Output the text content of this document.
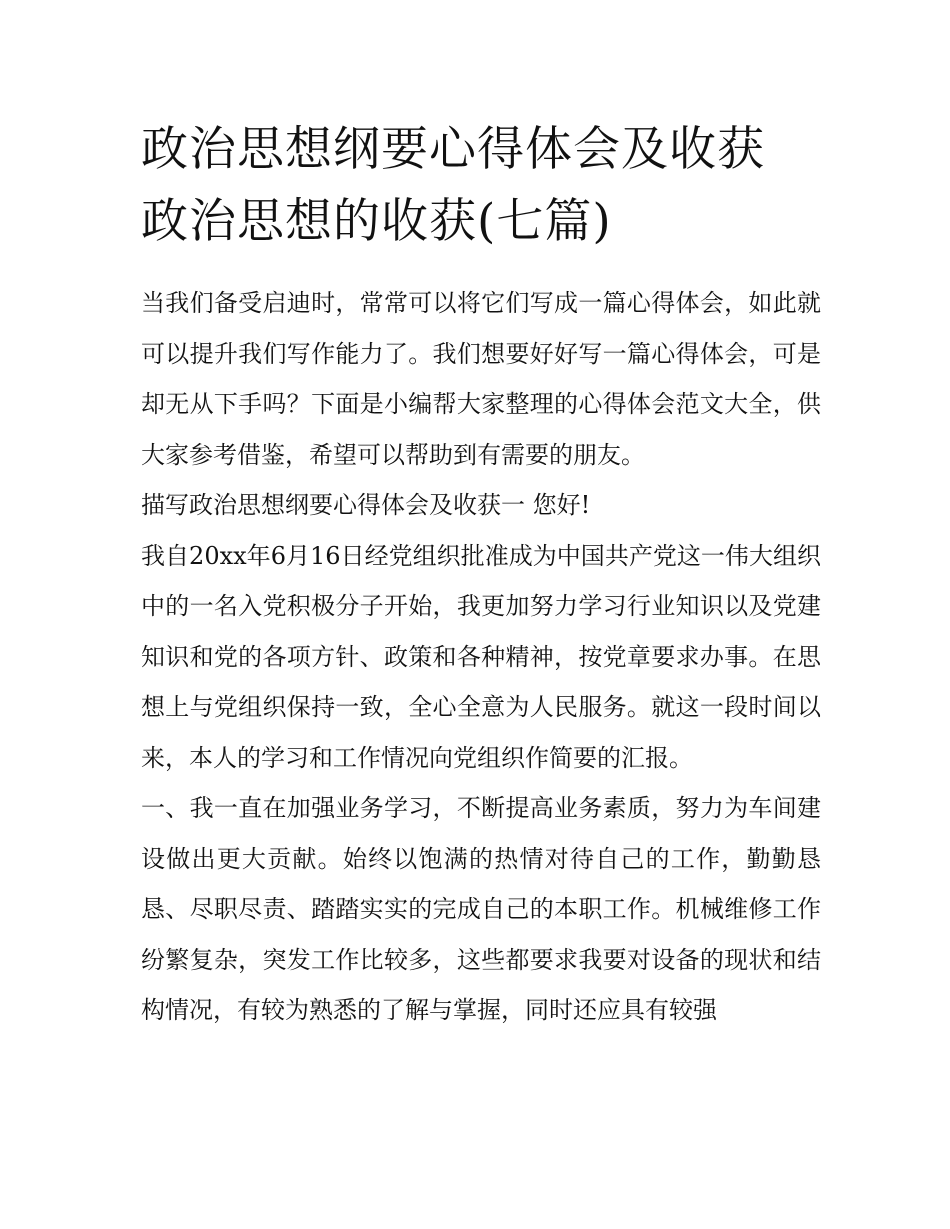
政治思想纲要心得体会及收获
政治思想的收获(七篇)

当我们备受启迪时，常常可以将它们写成一篇心得体会，如此就可以提升我们写作能力了。我们想要好好写一篇心得体会，可是却无从下手吗？下面是小编帮大家整理的心得体会范文大全，供大家参考借鉴，希望可以帮助到有需要的朋友。

描写政治思想纲要心得体会及收获一 您好!

我自20xx年6月16日经党组织批准成为中国共产党这一伟大组织中的一名入党积极分子开始，我更加努力学习行业知识以及党建知识和党的各项方针、政策和各种精神，按党章要求办事。在思想上与党组织保持一致，全心全意为人民服务。就这一段时间以来，本人的学习和工作情况向党组织作简要的汇报。

一、我一直在加强业务学习，不断提高业务素质，努力为车间建设做出更大贡献。始终以饱满的热情对待自己的工作，勤勤恳恳、尽职尽责、踏踏实实的完成自己的本职工作。机械维修工作纷繁复杂，突发工作比较多，这些都要求我要对设备的现状和结构情况，有较为熟悉的了解与掌握，同时还应具有较强
